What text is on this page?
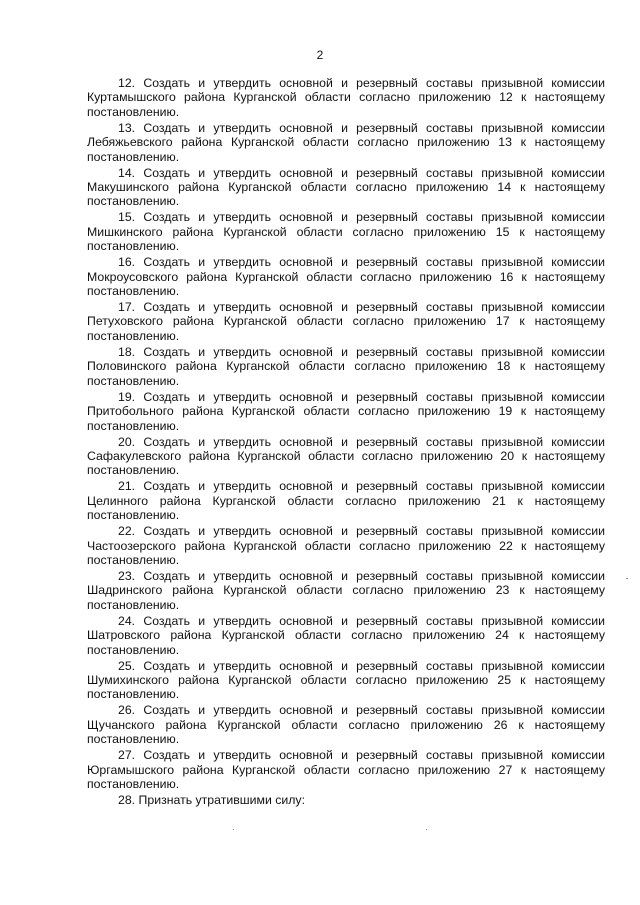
2

12. Создать и утвердить основной и резервный составы призывной комиссии Куртамышского района Курганской области согласно приложению 12 к настоящему постановлению.

13. Создать и утвердить основной и резервный составы призывной комиссии Лебяжьевского района Курганской области согласно приложению 13 к настоящему постановлению.

14. Создать и утвердить основной и резервный составы призывной комиссии Макушинского района Курганской области согласно приложению 14 к настоящему постановлению.

15. Создать и утвердить основной и резервный составы призывной комиссии Мишкинского района Курганской области согласно приложению 15 к настоящему постановлению.

16. Создать и утвердить основной и резервный составы призывной комиссии Мокроусовского района Курганской области согласно приложению 16 к настоящему постановлению.

17. Создать и утвердить основной и резервный составы призывной комиссии Петуховского района Курганской области согласно приложению 17 к настоящему постановлению.

18. Создать и утвердить основной и резервный составы призывной комиссии Половинского района Курганской области согласно приложению 18 к настоящему постановлению.

19. Создать и утвердить основной и резервный составы призывной комиссии Притобольного района Курганской области согласно приложению 19 к настоящему постановлению.

20. Создать и утвердить основной и резервный составы призывной комиссии Сафакулевского района Курганской области согласно приложению 20 к настоящему постановлению.

21. Создать и утвердить основной и резервный составы призывной комиссии Целинного района Курганской области согласно приложению 21 к настоящему постановлению.

22. Создать и утвердить основной и резервный составы призывной комиссии Частоозерского района Курганской области согласно приложению 22 к настоящему постановлению.

23. Создать и утвердить основной и резервный составы призывной комиссии Шадринского района Курганской области согласно приложению 23 к настоящему постановлению.

24. Создать и утвердить основной и резервный составы призывной комиссии Шатровского района Курганской области согласно приложению 24 к настоящему постановлению.

25. Создать и утвердить основной и резервный составы призывной комиссии Шумихинского района Курганской области согласно приложению 25 к настоящему постановлению.

26. Создать и утвердить основной и резервный составы призывной комиссии Щучанского района Курганской области согласно приложению 26 к настоящему постановлению.

27. Создать и утвердить основной и резервный составы призывной комиссии Юргамышского района Курганской области согласно приложению 27 к настоящему постановлению.

28. Признать утратившими силу:
